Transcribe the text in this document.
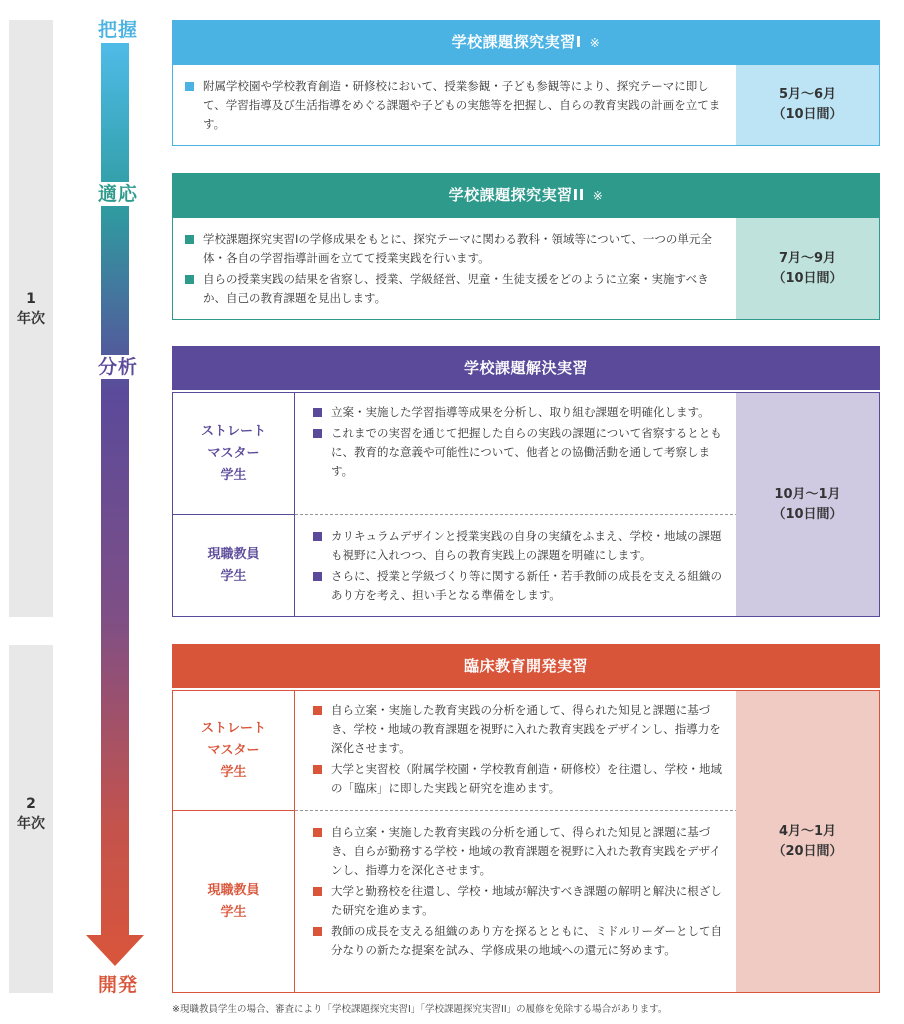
1
年次
2
年次
把握
適応
分析
開発
学校課題探究実習I ※
附属学校園や学校教育創造・研修校において、授業参観・子ども参観等により、探究テーマに即して、学習指導及び生活指導をめぐる課題や子どもの実態等を把握し、自らの教育実践の計画を立てます。
5月～6月
（10日間）
学校課題探究実習II ※
学校課題探究実習Ⅰの学修成果をもとに、探究テーマに関わる教科・領域等について、一つの単元全体・各自の学習指導計画を立てて授業実践を行います。
自らの授業実践の結果を省察し、授業、学級経営、児童・生徒支援をどのように立案・実施すべきか、自己の教育課題を見出します。
7月～9月
（10日間）
学校課題解決実習
ストレート
マスター
学生
立案・実施した学習指導等成果を分析し、取り組む課題を明確化します。
これまでの実習を通じて把握した自らの実践の課題について省察するとともに、教育的な意義や可能性について、他者との協働活動を通して考察します。
現職教員
学生
カリキュラムデザインと授業実践の自身の実績をふまえ、学校・地域の課題も視野に入れつつ、自らの教育実践上の課題を明確にします。
さらに、授業と学級づくり等に関する新任・若手教師の成長を支える組織のあり方を考え、担い手となる準備をします。
10月～1月
（10日間）
臨床教育開発実習
ストレート
マスター
学生
自ら立案・実施した教育実践の分析を通して、得られた知見と課題に基づき、学校・地域の教育課題を視野に入れた教育実践をデザインし、指導力を深化させます。
大学と実習校（附属学校園・学校教育創造・研修校）を往還し、学校・地域の「臨床」に即した実践と研究を進めます。
現職教員
学生
自ら立案・実施した教育実践の分析を通して、得られた知見と課題に基づき、自らが勤務する学校・地域の教育課題を視野に入れた教育実践をデザインし、指導力を深化させます。
大学と勤務校を往還し、学校・地域が解決すべき課題の解明と解決に根ざした研究を進めます。
教師の成長を支える組織のあり方を探るとともに、ミドルリーダーとして自分なりの新たな提案を試み、学修成果の地域への還元に努めます。
4月～1月
（20日間）
※現職教員学生の場合、審査により「学校課題探究実習I」「学校課題探究実習II」の履修を免除する場合があります。
